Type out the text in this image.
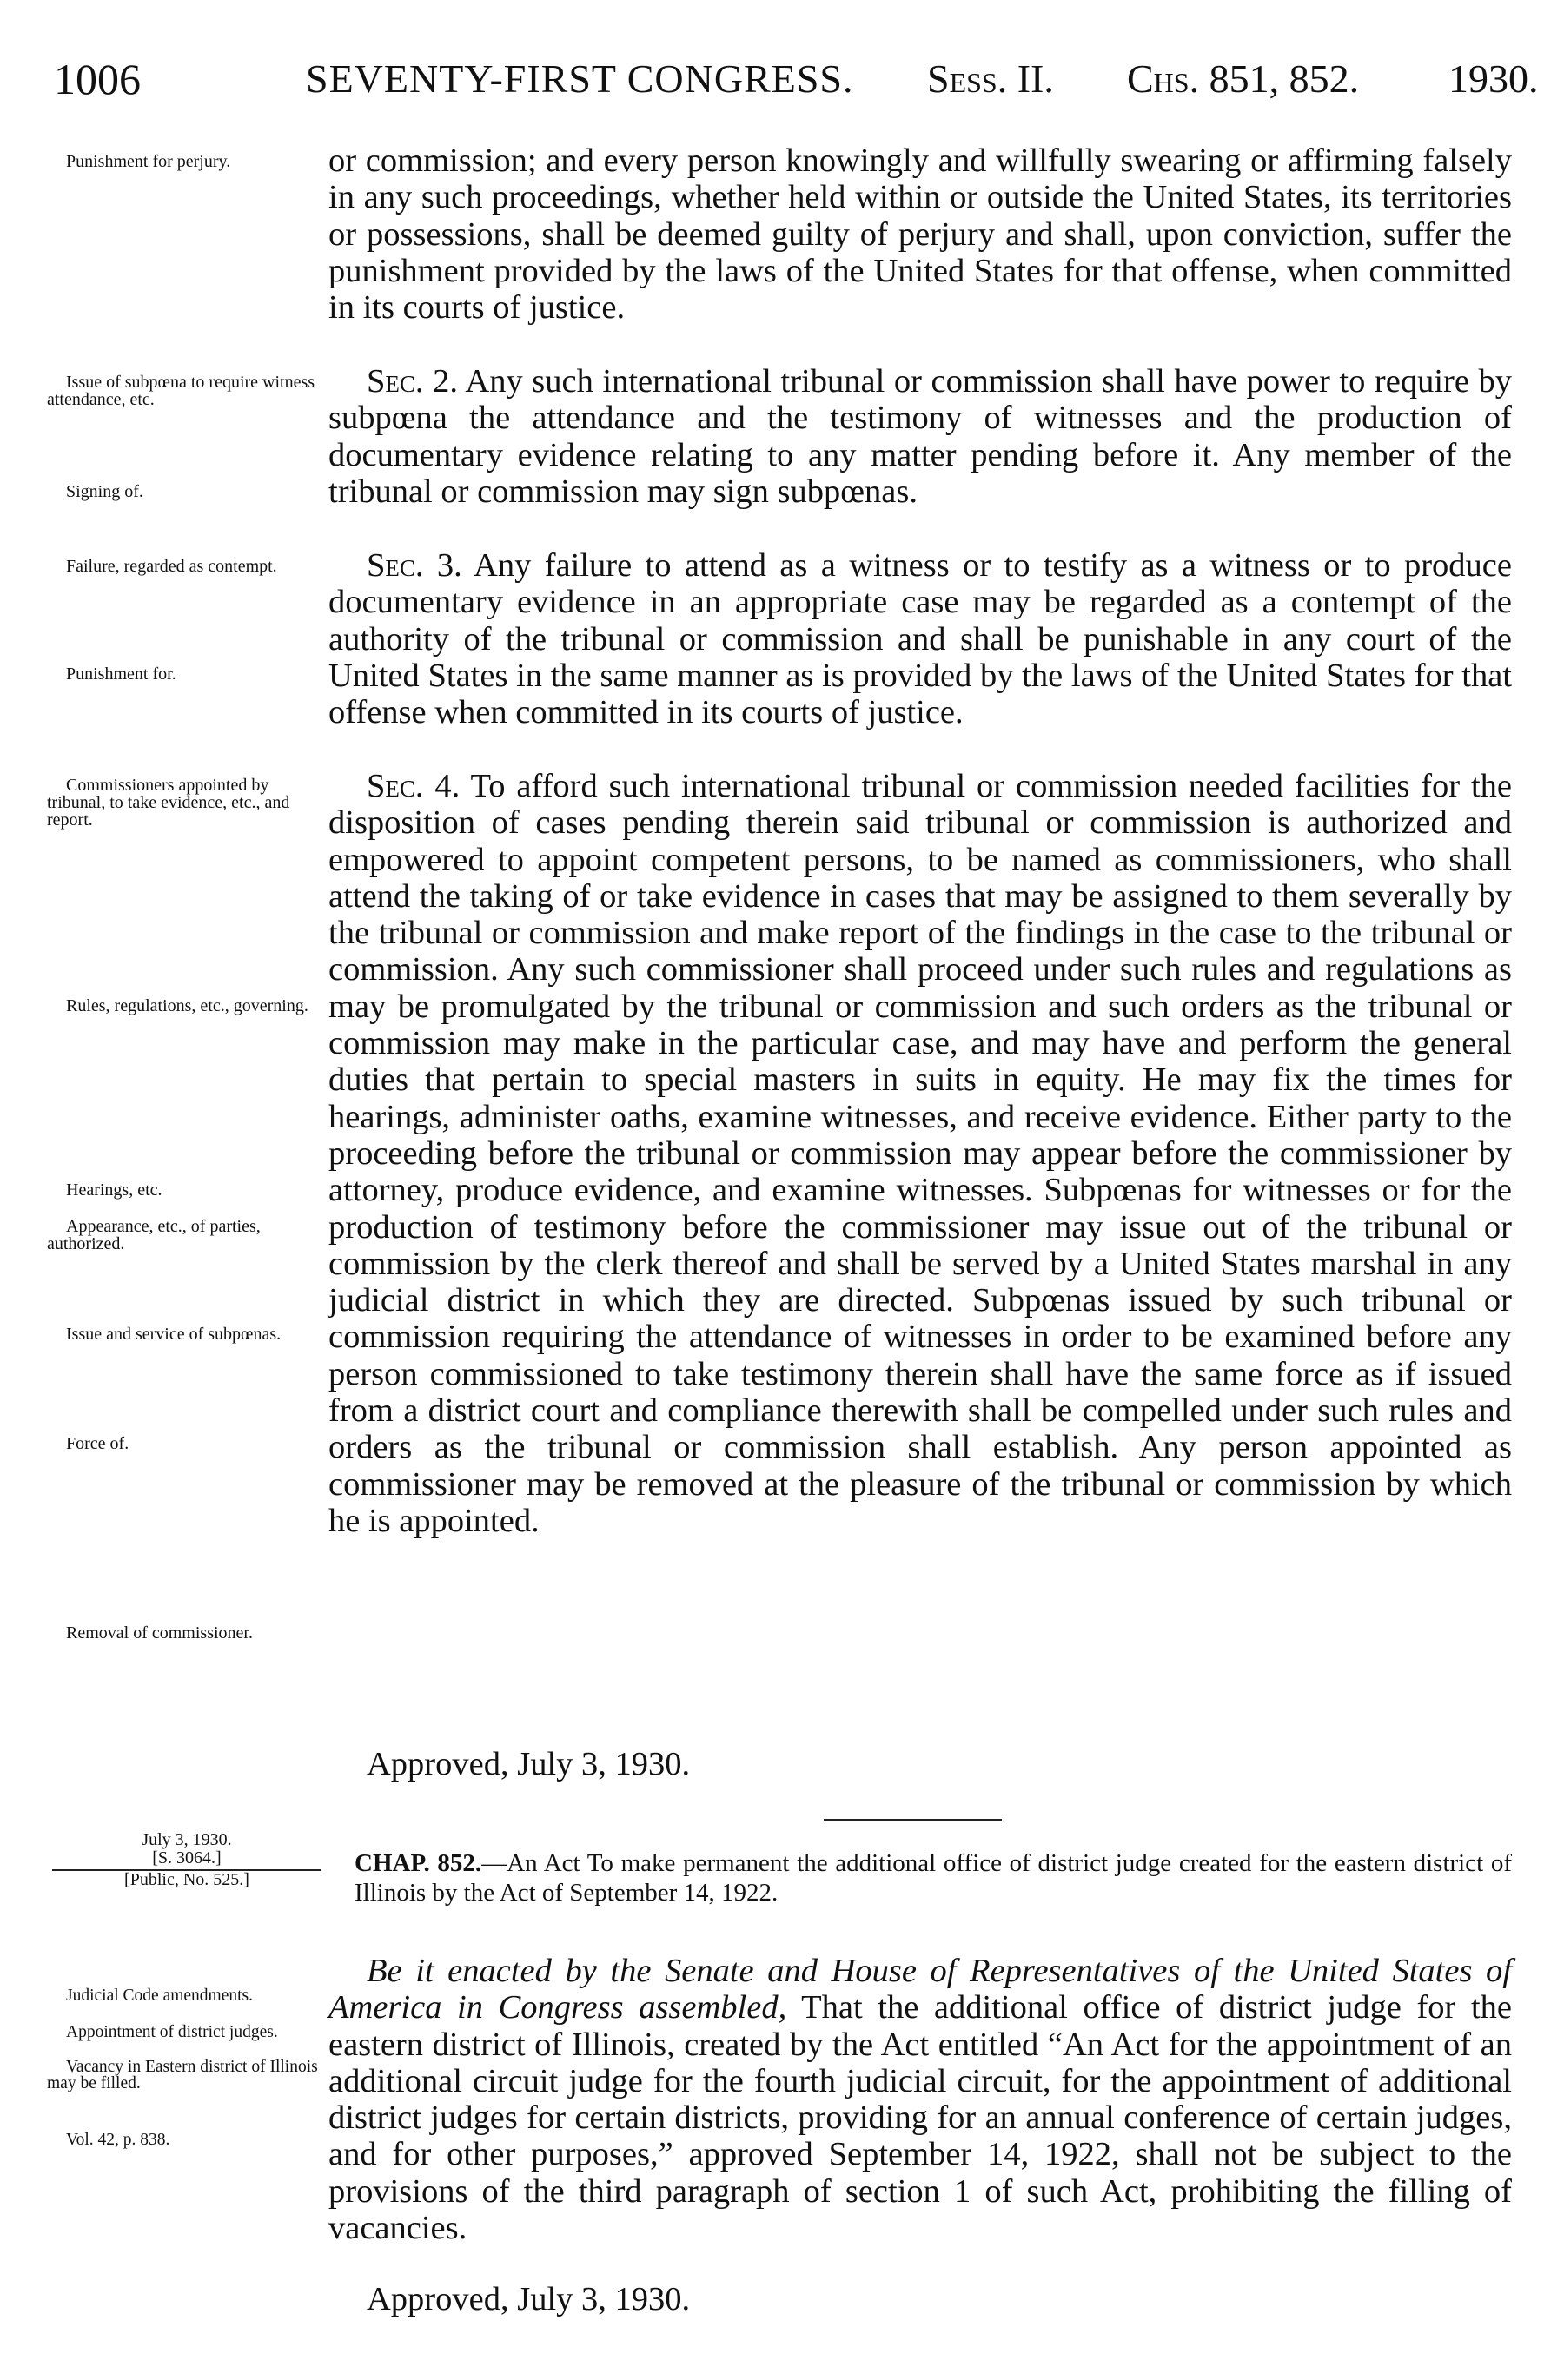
1006	SEVENTY-FIRST CONGRESS. Sess. II. Chs. 851, 852. 1930.

Punishment for perjury.

Issue of subpœna to require witness attendance, etc.

Signing of.

Failure, regarded as contempt.

Punishment for.

Commissioners appointed by tribunal, to take evidence, etc., and report.

Rules, regulations, etc., governing.

Hearings, etc.

Appearance, etc., of parties, authorized.

Issue and service of subpœnas.

Force of.

Removal of commissioner.

Judicial Code amendments.

Appointment of district judges.

Vacancy in Eastern district of Illinois may be filled.

Vol. 42, p. 838.

or commission; and every person knowingly and willfully swearing or affirming falsely in any such proceedings, whether held within or outside the United States, its territories or possessions, shall be deemed guilty of perjury and shall, upon conviction, suffer the punishment provided by the laws of the United States for that offense, when committed in its courts of justice.

Sec. 2. Any such international tribunal or commission shall have power to require by subpœna the attendance and the testimony of witnesses and the production of documentary evidence relating to any matter pending before it. Any member of the tribunal or commission may sign subpœnas.

Sec. 3. Any failure to attend as a witness or to testify as a witness or to produce documentary evidence in an appropriate case may be regarded as a contempt of the authority of the tribunal or commission and shall be punishable in any court of the United States in the same manner as is provided by the laws of the United States for that offense when committed in its courts of justice.

Sec. 4. To afford such international tribunal or commission needed facilities for the disposition of cases pending therein said tribunal or commission is authorized and empowered to appoint competent persons, to be named as commissioners, who shall attend the taking of or take evidence in cases that may be assigned to them severally by the tribunal or commission and make report of the findings in the case to the tribunal or commission. Any such commissioner shall proceed under such rules and regulations as may be promulgated by the tribunal or commission and such orders as the tribunal or commission may make in the particular case, and may have and perform the general duties that pertain to special masters in suits in equity. He may fix the times for hearings, administer oaths, examine witnesses, and receive evidence. Either party to the proceeding before the tribunal or commission may appear before the commissioner by attorney, produce evidence, and examine witnesses. Subpœnas for witnesses or for the production of testimony before the commissioner may issue out of the tribunal or commission by the clerk thereof and shall be served by a United States marshal in any judicial district in which they are directed. Subpœnas issued by such tribunal or commission requiring the attendance of witnesses in order to be examined before any person commissioned to take testimony therein shall have the same force as if issued from a district court and compliance therewith shall be compelled under such rules and orders as the tribunal or commission shall establish. Any person appointed as commissioner may be removed at the pleasure of the tribunal or commission by which he is appointed.

Approved, July 3, 1930.

July 3, 1930.
[S. 3064.]
[Public, No. 525.]

CHAP. 852.—An Act To make permanent the additional office of district judge created for the eastern district of Illinois by the Act of September 14, 1922.

Be it enacted by the Senate and House of Representatives of the United States of America in Congress assembled, That the additional office of district judge for the eastern district of Illinois, created by the Act entitled “An Act for the appointment of an additional circuit judge for the fourth judicial circuit, for the appointment of additional district judges for certain districts, providing for an annual conference of certain judges, and for other purposes,” approved September 14, 1922, shall not be subject to the provisions of the third paragraph of section 1 of such Act, prohibiting the filling of vacancies.

Approved, July 3, 1930.
